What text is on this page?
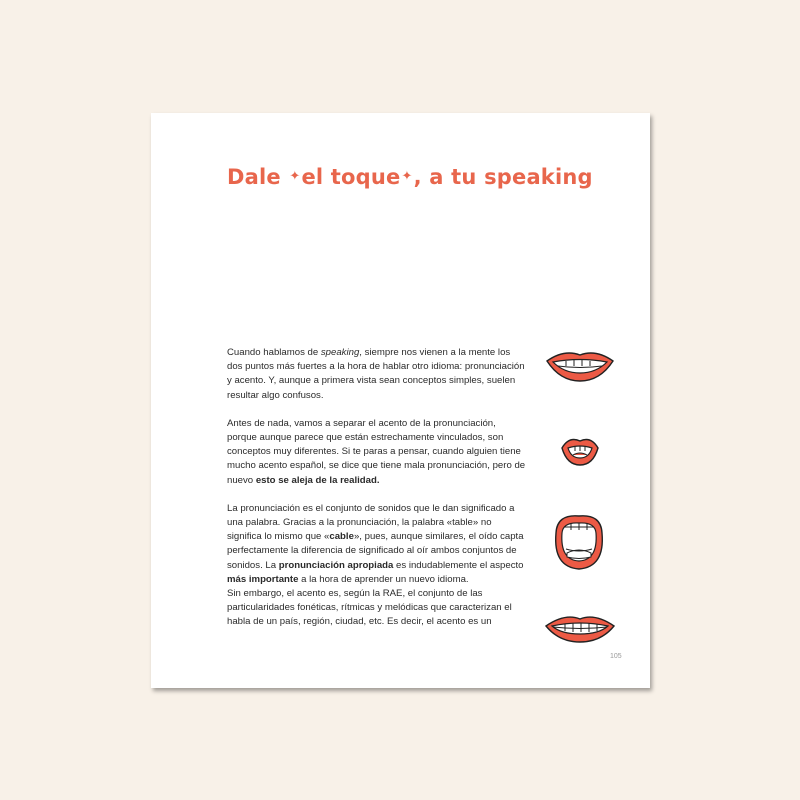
Dale ✦el toque✦, a tu speaking

Cuando hablamos de speaking, siempre nos vienen a la mente los dos puntos más fuertes a la hora de hablar otro idioma: pronunciación y acento. Y, aunque a primera vista sean conceptos simples, suelen resultar algo confusos.

Antes de nada, vamos a separar el acento de la pronunciación, porque aunque parece que están estrechamente vinculados, son conceptos muy diferentes. Si te paras a pensar, cuando alguien tiene mucho acento español, se dice que tiene mala pronunciación, pero de nuevo esto se aleja de la realidad.

La pronunciación es el conjunto de sonidos que le dan significado a una palabra. Gracias a la pronunciación, la palabra «table» no significa lo mismo que «cable», pues, aunque similares, el oído capta perfectamente la diferencia de significado al oír ambos conjuntos de sonidos. La pronunciación apropiada es indudablemente el aspecto más importante a la hora de aprender un nuevo idioma.

Sin embargo, el acento es, según la RAE, el conjunto de las particularidades fonéticas, rítmicas y melódicas que caracterizan el habla de un país, región, ciudad, etc. Es decir, el acento es un

105
